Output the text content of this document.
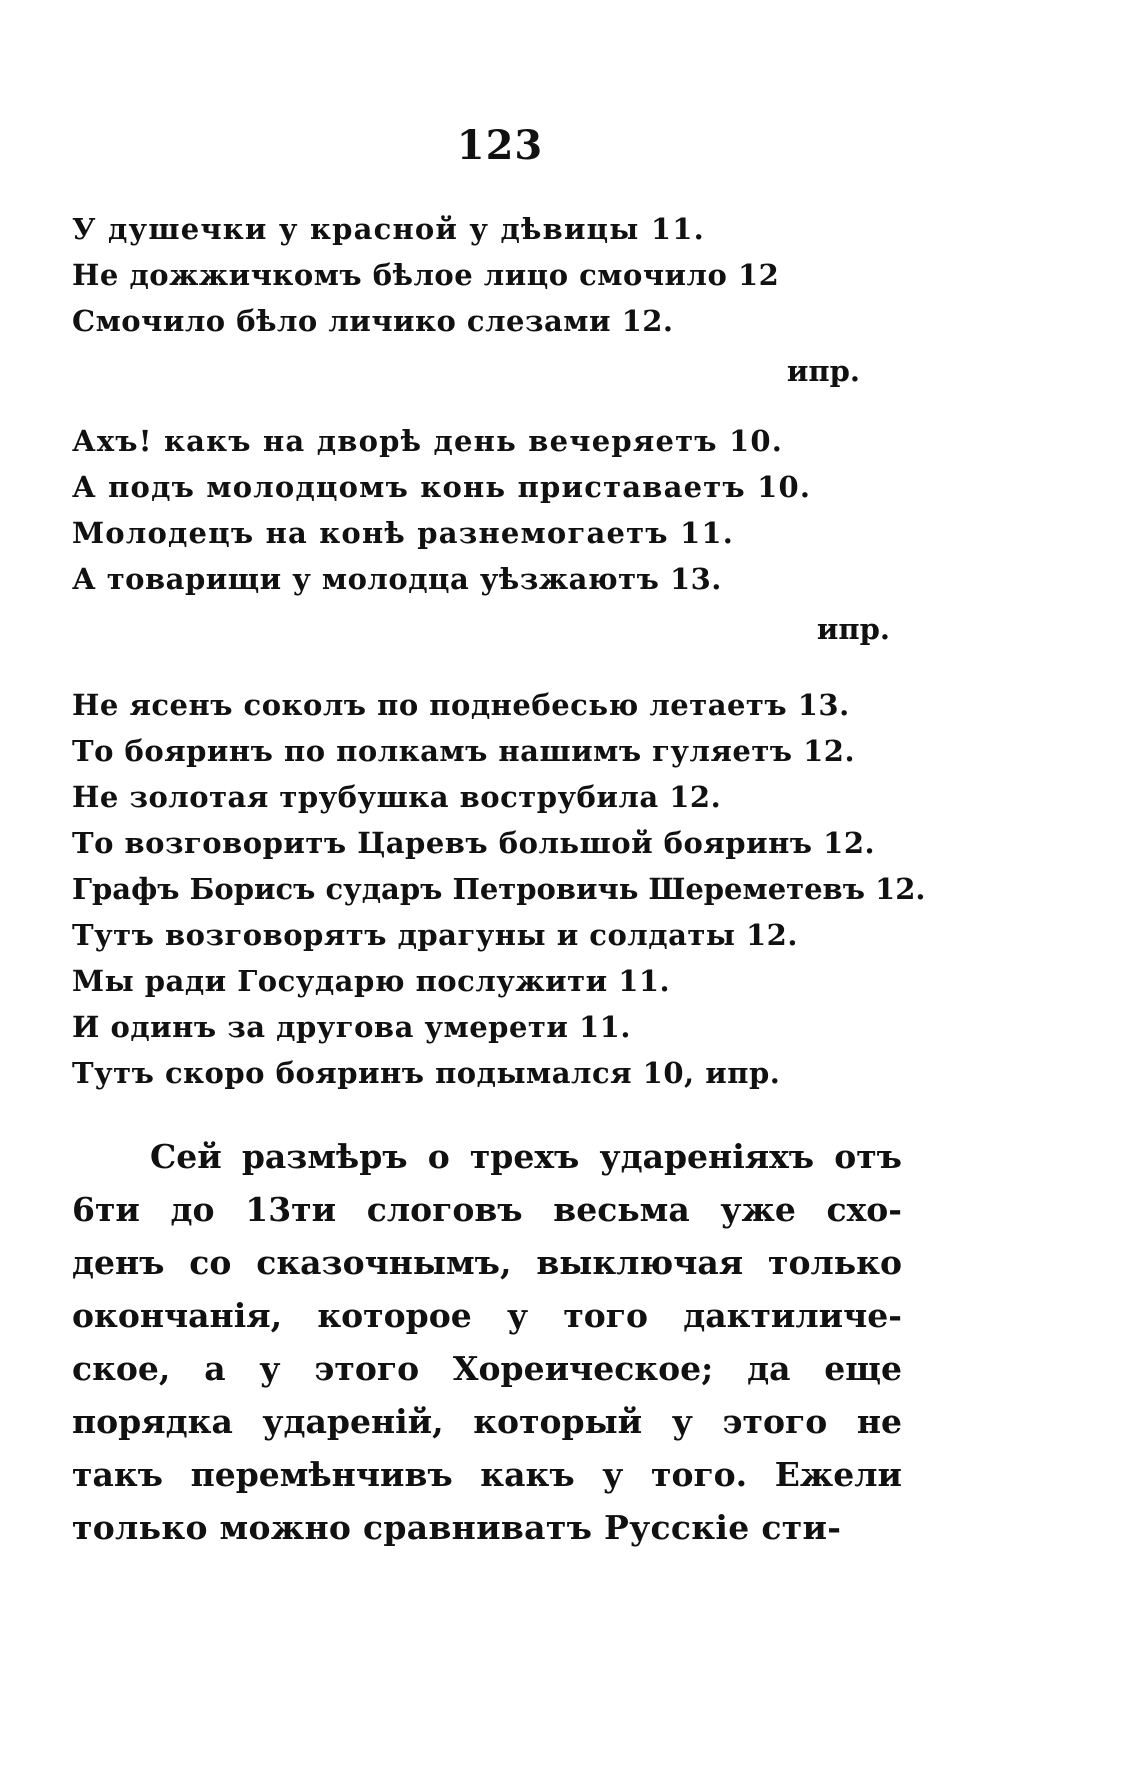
123
У душечки у красной у дѣвицы 11.
Не дожжичкомъ бѣлое лицо смочило 12
Смочило бѣло личико слезами 12.
ипр.
Ахъ! какъ на дворѣ день вечеряетъ 10.
А подъ молодцомъ конь приставаетъ 10.
Молодецъ на конѣ разнемогаетъ 11.
А товарищи у молодца уѣзжаютъ 13.
ипр.
Не ясенъ соколъ по поднебесью летаетъ 13.
То бояринъ по полкамъ нашимъ гуляетъ 12.
Не золотая трубушка вострубила 12.
То возговоритъ Царевъ большой бояринъ 12.
Графъ Борисъ сударъ Петровичь Шереметевъ 12.
Тутъ возговорятъ драгуны и солдаты 12.
Мы ради Государю послужити 11.
И одинъ за другова умерети 11.
Тутъ скоро бояринъ подымался 10, ипр.
Сей размѣръ о трехъ удареніяхъ отъ
6ти до 13ти слоговъ весьма уже схо-
денъ со сказочнымъ, выключая только
окончанія, которое у того дактиличе-
ское, а у этого Хореическое; да еще
порядка удареній, который у этого не
такъ перемѣнчивъ какъ у того. Ежели
только можно сравниватъ Русскіе сти-
